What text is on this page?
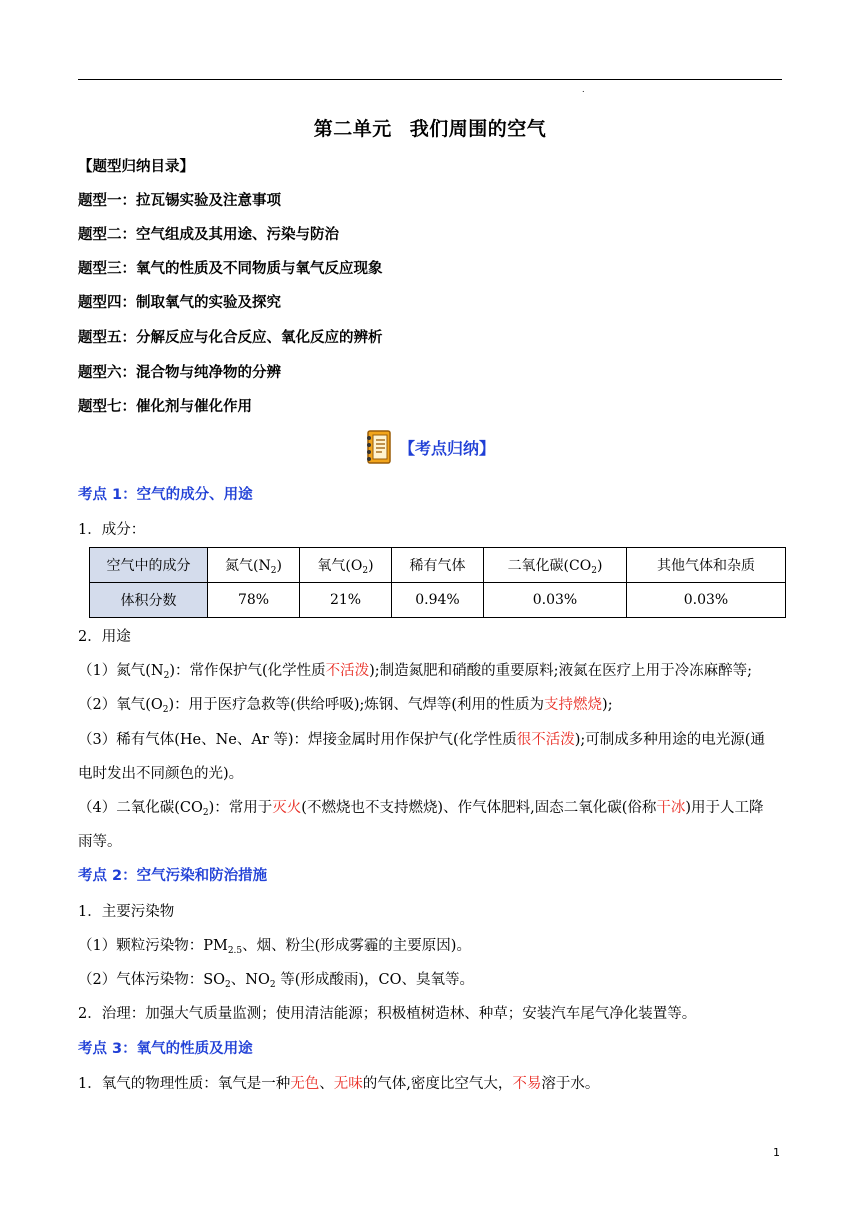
.
第二单元 我们周围的空气
【题型归纳目录】
题型一：拉瓦锡实验及注意事项
题型二：空气组成及其用途、污染与防治
题型三：氧气的性质及不同物质与氧气反应现象
题型四：制取氧气的实验及探究
题型五：分解反应与化合反应、氧化反应的辨析
题型六：混合物与纯净物的分辨
题型七：催化剂与催化作用
【考点归纳】
考点 1：空气的成分、用途
1．成分：
空气中的成分	氮气$(N_2)$	氧气$(O_2)$	稀有气体	二氧化碳$(CO_2)$	其他气体和杂质
体积分数	78%	21%	0.94%	0.03%	0.03%
2．用途
（1）氮气$(N_2)$：常作保护气(化学性质不活泼);制造氮肥和硝酸的重要原料;液氮在医疗上用于冷冻麻醉等;
（2）氧气$(O_2)$：用于医疗急救等(供给呼吸);炼钢、气焊等(利用的性质为支持燃烧);
（3）稀有气体(He、Ne、Ar 等)：焊接金属时用作保护气(化学性质很不活泼);可制成多种用途的电光源(通
电时发出不同颜色的光)。
（4）二氧化碳$(CO_2)$：常用于灭火(不燃烧也不支持燃烧)、作气体肥料,固态二氧化碳(俗称干冰)用于人工降
雨等。
考点 2：空气污染和防治措施
1．主要污染物
（1）颗粒污染物：$PM_{2.5}$、烟、粉尘(形成雾霾的主要原因)。
（2）气体污染物：$SO_2$、$NO_2$ 等(形成酸雨)，CO、臭氧等。
2．治理：加强大气质量监测；使用清洁能源；积极植树造林、种草；安装汽车尾气净化装置等。
考点 3：氧气的性质及用途
1．氧气的物理性质：氧气是一种无色、无味的气体,密度比空气大，不易溶于水。
1
